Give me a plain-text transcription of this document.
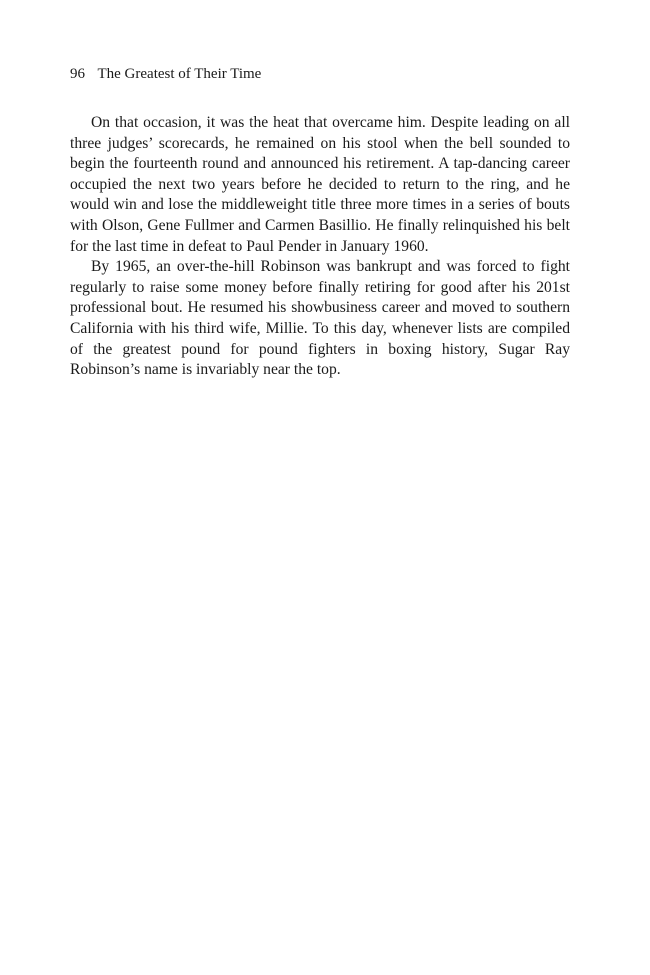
96 The Greatest of Their Time

On that occasion, it was the heat that overcame him. Despite leading on all three judges’ scorecards, he remained on his stool when the bell sounded to begin the fourteenth round and announced his retirement. A tap-dancing career occupied the next two years before he decided to return to the ring, and he would win and lose the middleweight title three more times in a series of bouts with Olson, Gene Fullmer and Carmen Basillio. He finally relinquished his belt for the last time in defeat to Paul Pender in January 1960.

By 1965, an over-the-hill Robinson was bankrupt and was forced to fight regularly to raise some money before finally retiring for good after his 201st professional bout. He resumed his showbusiness career and moved to southern California with his third wife, Millie. To this day, whenever lists are compiled of the greatest pound for pound fighters in boxing history, Sugar Ray Robinson’s name is invariably near the top.
